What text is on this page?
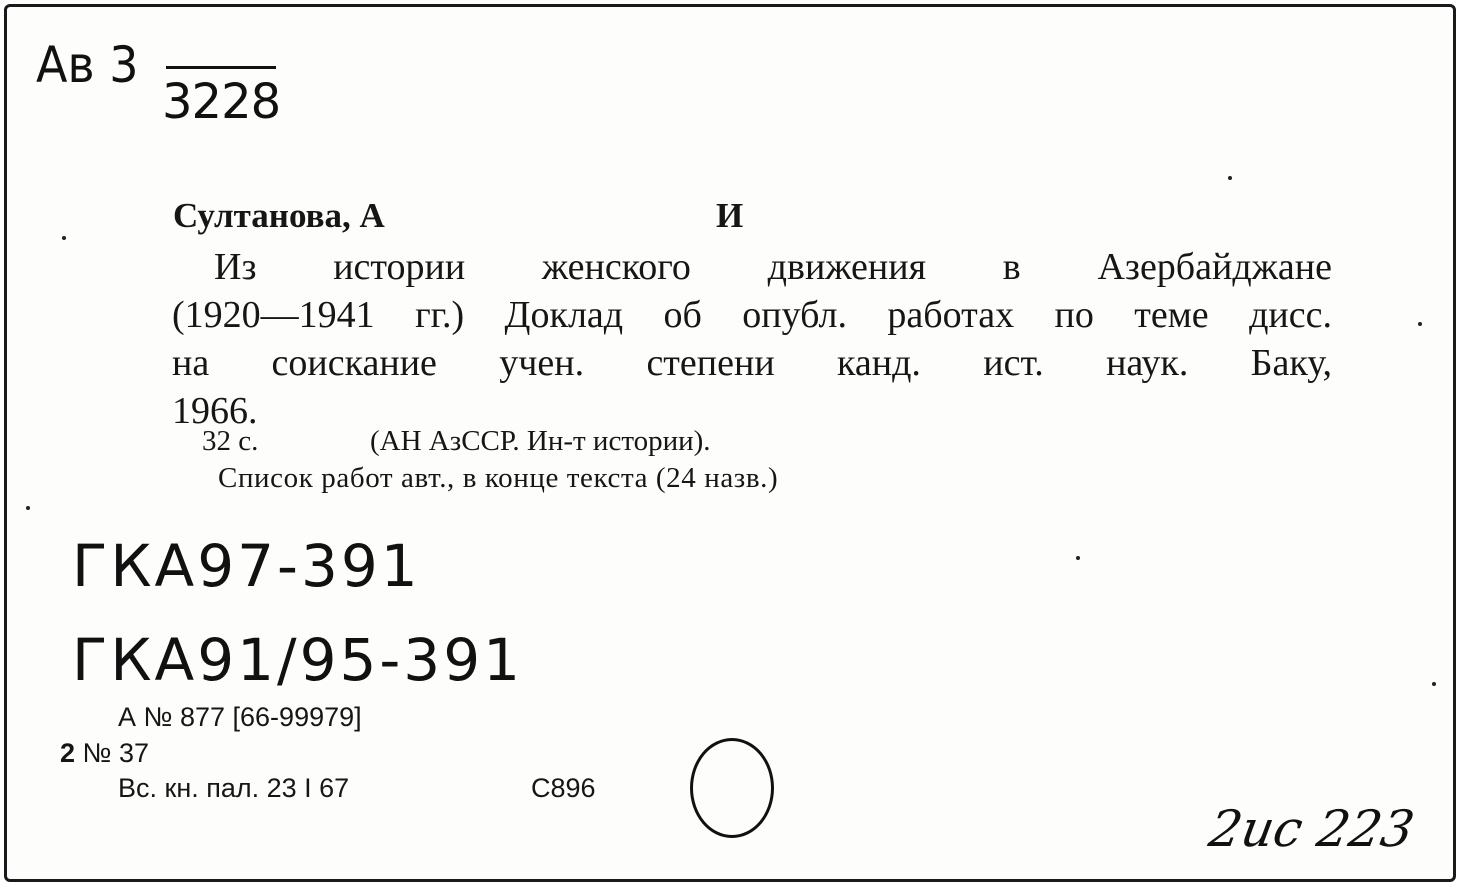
Ав 3
3228
Султанова, А	И
Из истории женского движения в Азербайджане
(1920—1941 гг.) Доклад об опубл. работах по теме дисс.
на соискание учен. степени канд. ист. наук. Баку,
1966.
32 с.	(АН АзССР. Ин-т истории).
Список работ авт., в конце текста (24 назв.)
ГКА97-391
ГКА91/95-391
А № 877 [66-99979]
2 № 37
Вс. кн. пал. 23 I 67	С896
2ис 223
